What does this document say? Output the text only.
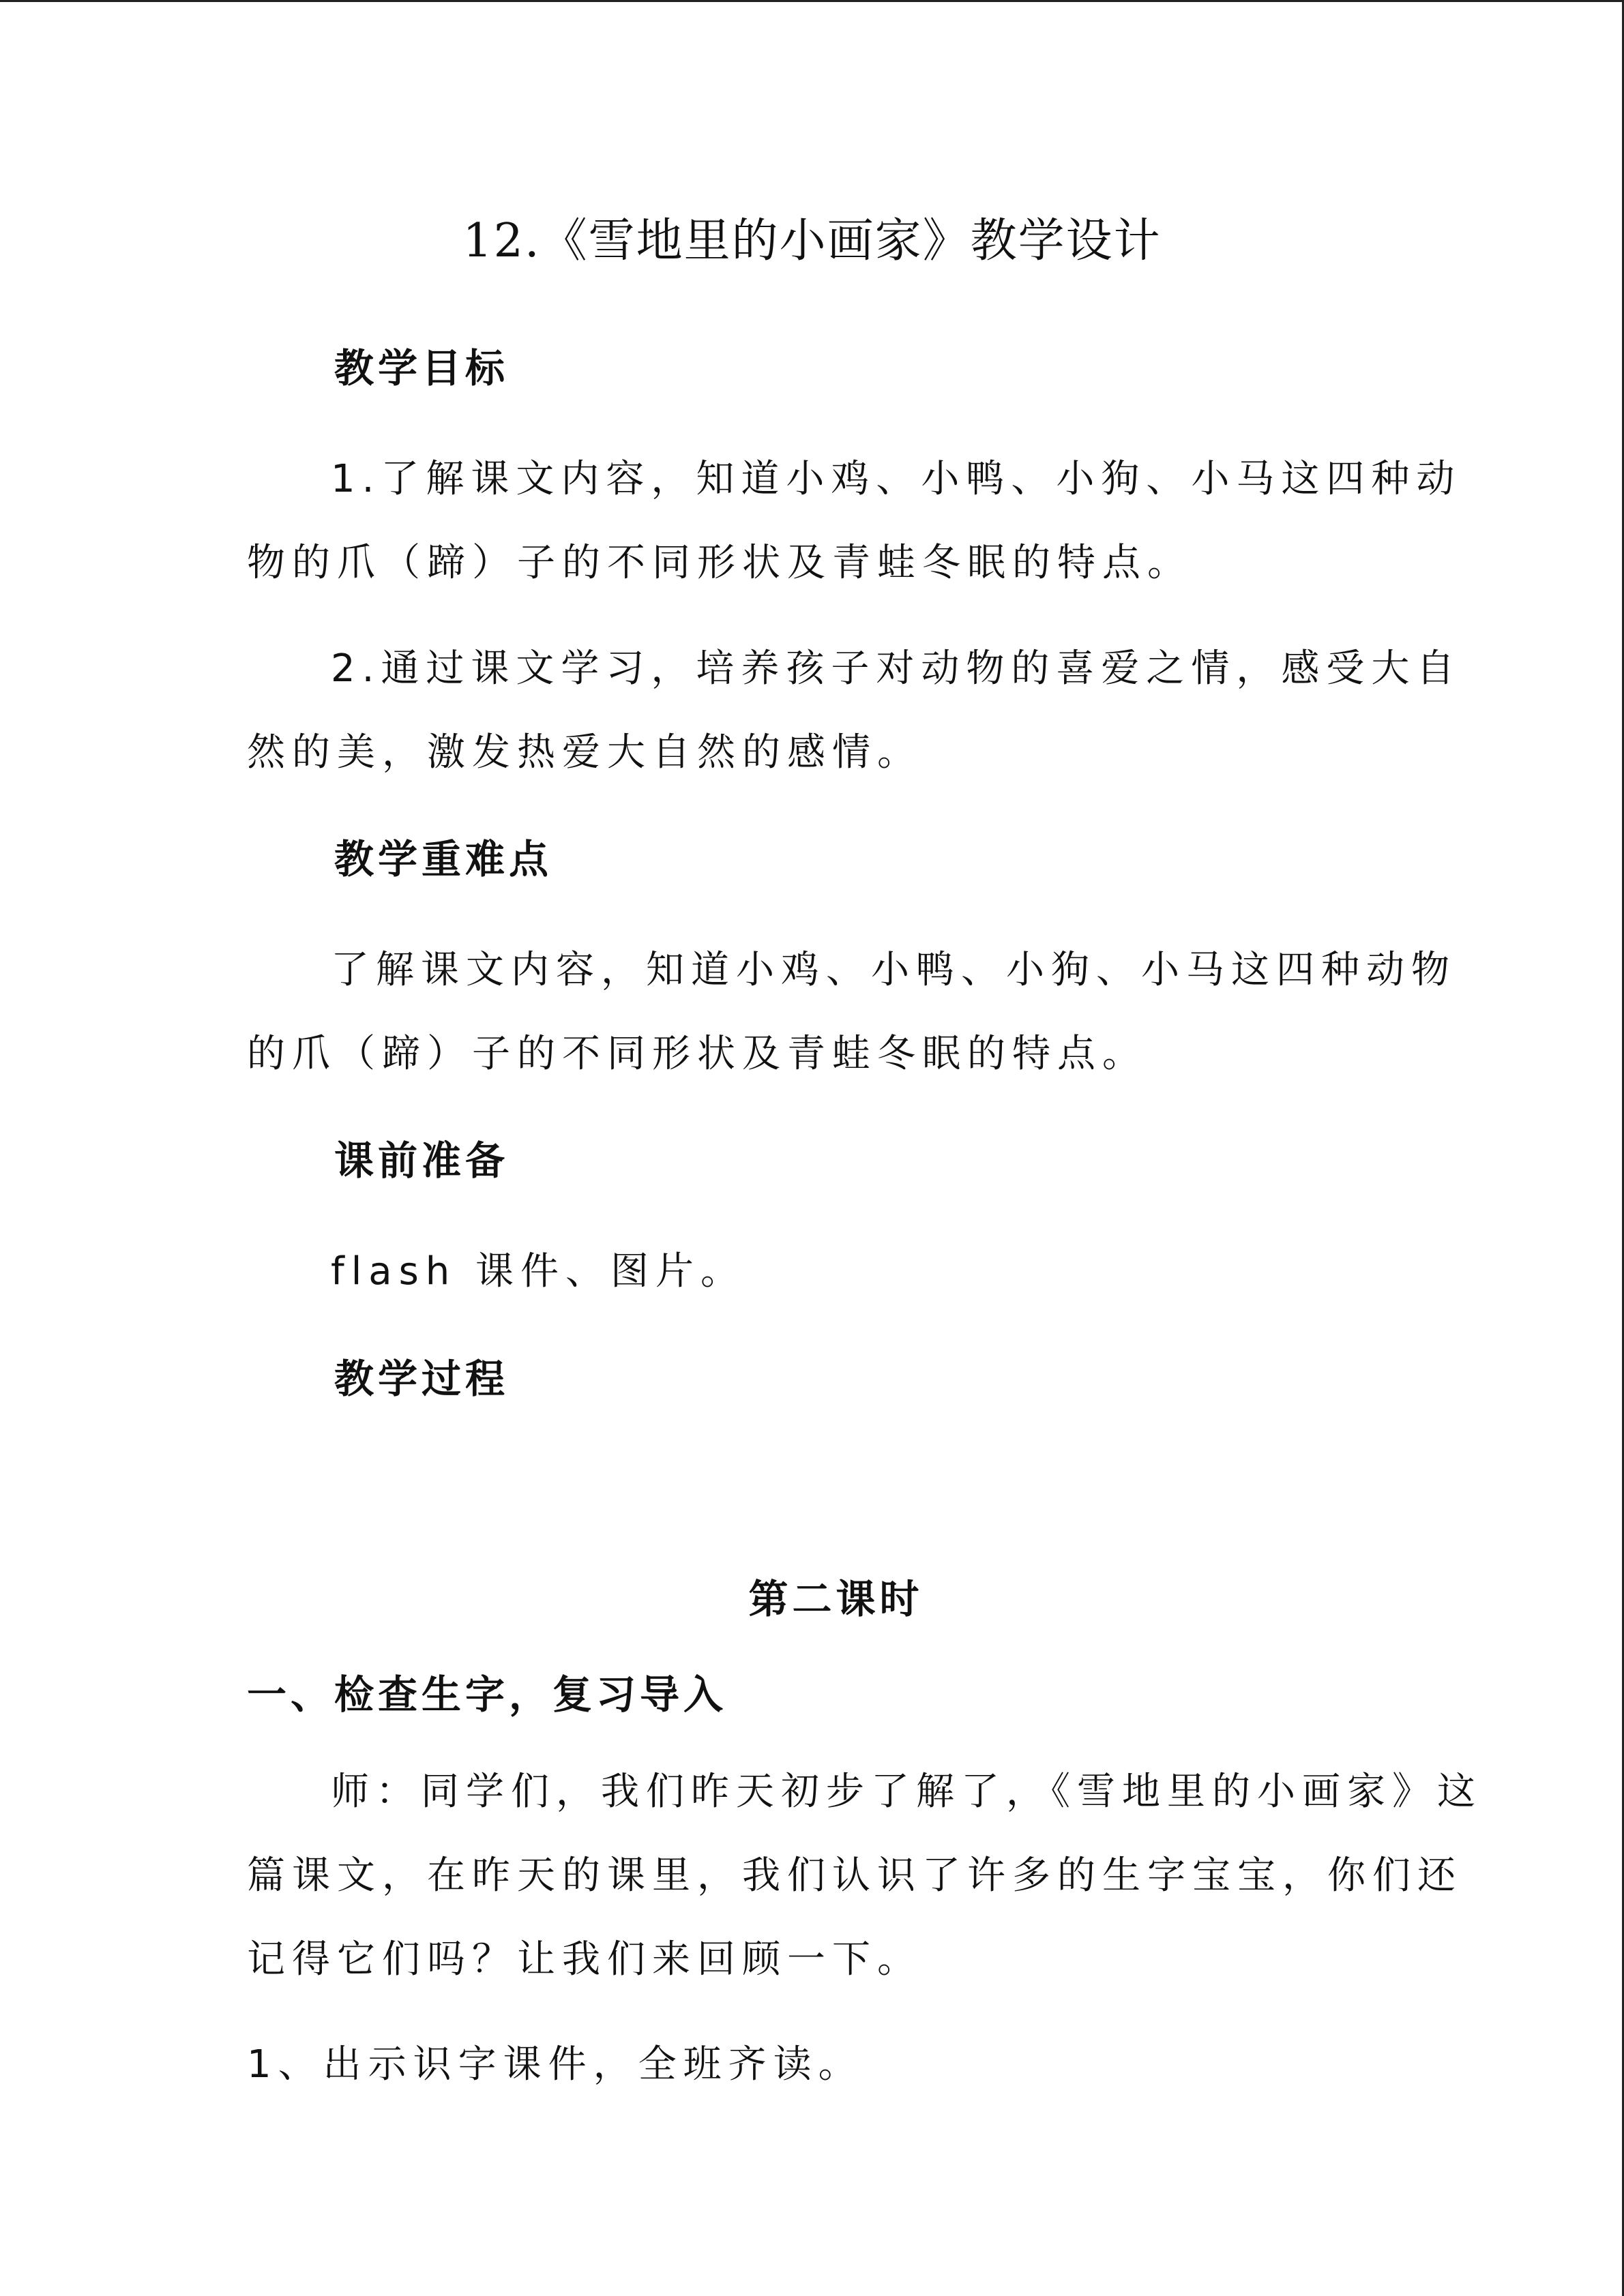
12.《雪地里的小画家》教学设计
教学目标
1.了解课文内容，知道小鸡、小鸭、小狗、小马这四种动
物的爪（蹄）子的不同形状及青蛙冬眠的特点。
2.通过课文学习，培养孩子对动物的喜爱之情，感受大自
然的美，激发热爱大自然的感情。
教学重难点
了解课文内容，知道小鸡、小鸭、小狗、小马这四种动物
的爪（蹄）子的不同形状及青蛙冬眠的特点。
课前准备
flash 课件、图片。
教学过程
第二课时
一、检查生字，复习导入
师：同学们，我们昨天初步了解了，《雪地里的小画家》这
篇课文，在昨天的课里，我们认识了许多的生字宝宝，你们还
记得它们吗？让我们来回顾一下。
1、出示识字课件，全班齐读。
